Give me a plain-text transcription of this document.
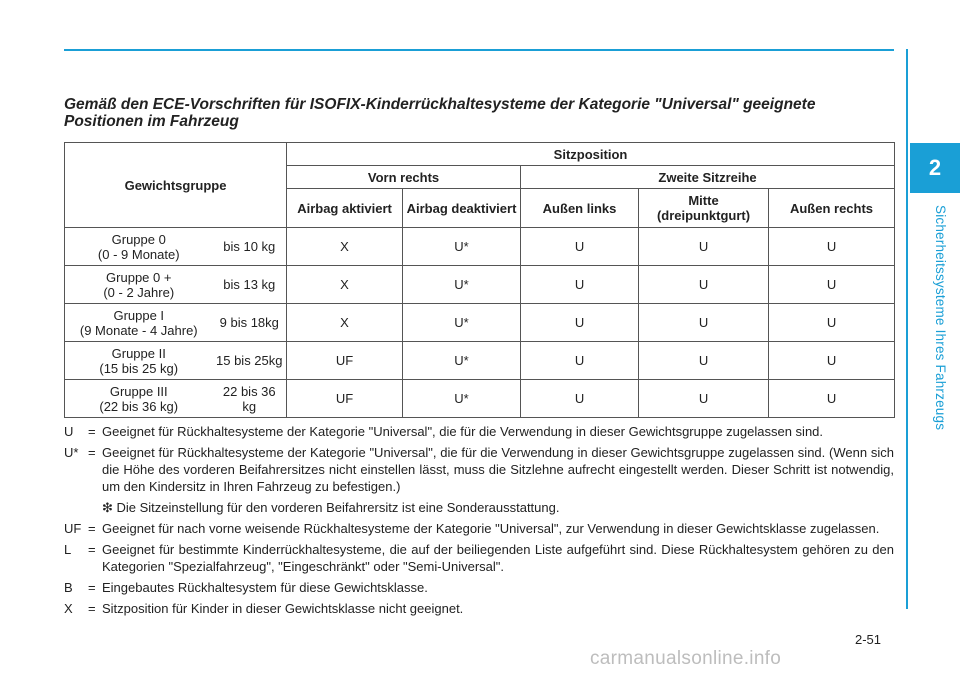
2
Sicherheitssysteme Ihres Fahrzeugs
Gemäß den ECE-Vorschriften für ISOFIX-Kinderrückhaltesysteme der Kategorie "Universal" geeignete Positionen im Fahrzeug
Gewichtsgruppe		Sitzposition				
		Vorn rechts		Zweite Sitzreihe		
		Airbag aktiviert	Airbag deaktiviert	Außen links	Mitte (dreipunktgurt)	Außen rechts
Gruppe 0
(0 - 9 Monate)	bis 10 kg	X	U*	U	U	U
Gruppe 0 +
(0 - 2 Jahre)	bis 13 kg	X	U*	U	U	U
Gruppe I
(9 Monate - 4 Jahre)	9 bis 18kg	X	U*	U	U	U
Gruppe II
(15 bis 25 kg)	15 bis 25kg	UF	U*	U	U	U
Gruppe III
(22 bis 36 kg)	22 bis 36 kg	UF	U*	U	U	U
U	= Geeignet für Rückhaltesysteme der Kategorie "Universal", die für die Verwendung in dieser Gewichtsgruppe zugelassen sind.
U* = Geeignet für Rückhaltesysteme der Kategorie "Universal", die für die Verwendung in dieser Gewichtsgruppe zugelassen sind. (Wenn sich die Höhe des vorderen Beifahrersitzes nicht einstellen lässt, muss die Sitzlehne aufrecht eingestellt werden. Dieser Schritt ist notwendig, um den Kindersitz in Ihren Fahrzeug zu befestigen.)
❇ Die Sitzeinstellung für den vorderen Beifahrersitz ist eine Sonderausstattung.
UF = Geeignet für nach vorne weisende Rückhaltesysteme der Kategorie "Universal", zur Verwendung in dieser Gewichtsklasse zugelassen.
L	= Geeignet für bestimmte Kinderrückhaltesysteme, die auf der beiliegenden Liste aufgeführt sind. Diese Rückhaltesystem gehören zu den Kategorien "Spezialfahrzeug", "Eingeschränkt" oder "Semi-Universal".
B	= Eingebautes Rückhaltesystem für diese Gewichtsklasse.
X	= Sitzposition für Kinder in dieser Gewichtsklasse nicht geeignet.
2-51
carmanualsonline.info
